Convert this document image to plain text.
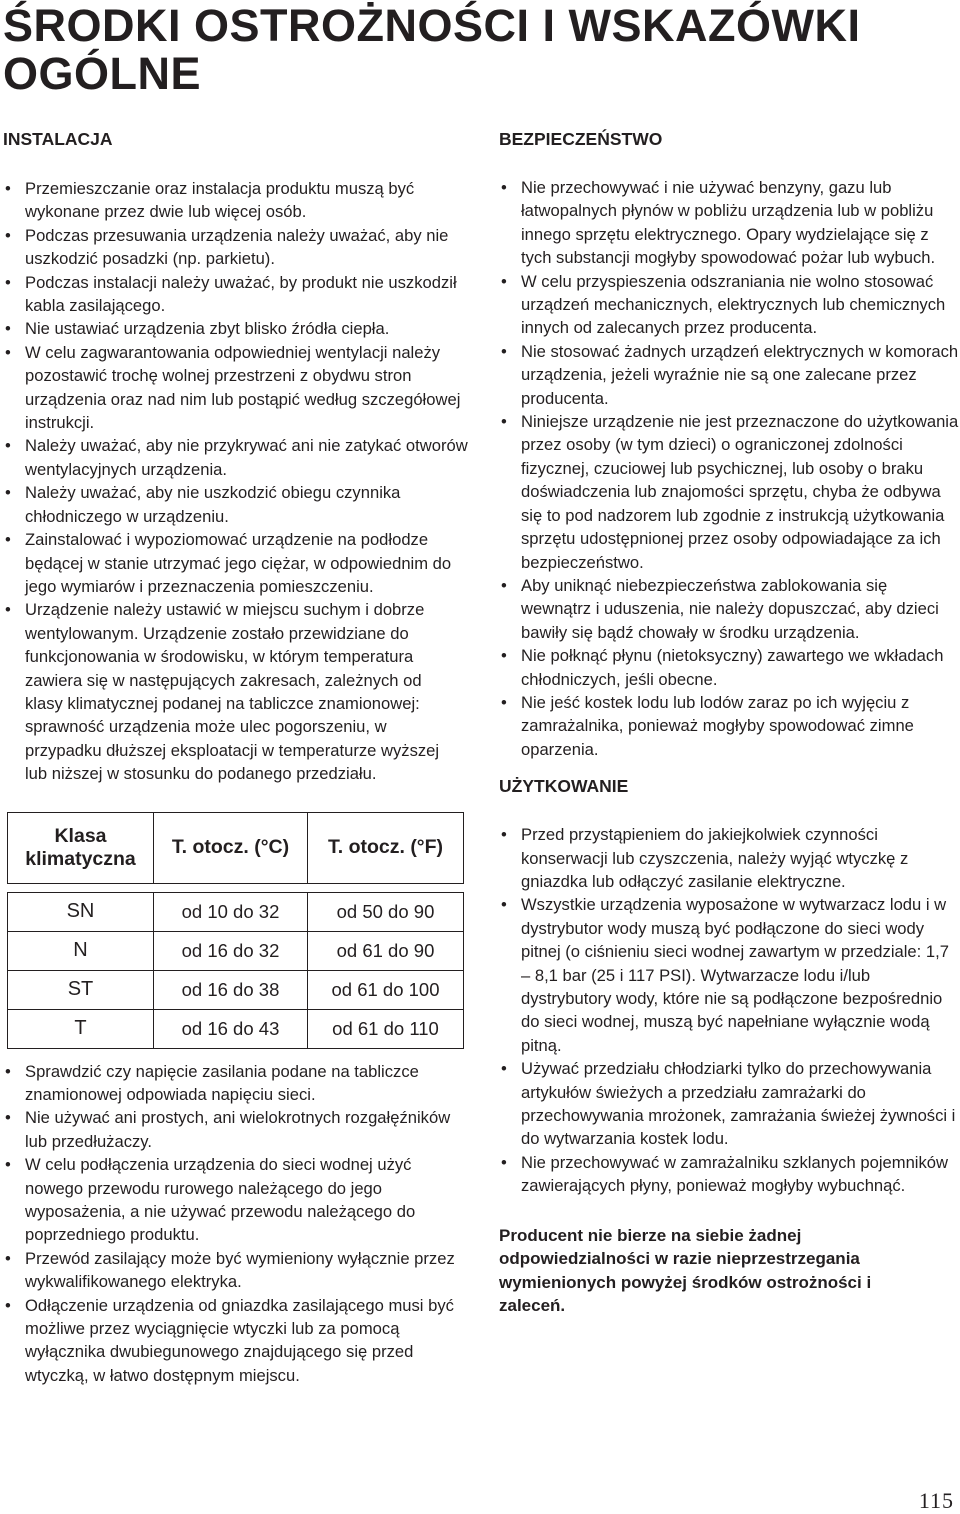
ŚRODKI OSTROŻNOŚCI I WSKAZÓWKI OGÓLNE
INSTALACJA
• Przemieszczanie oraz instalacja produktu muszą być wykonane przez dwie lub więcej osób.
• Podczas przesuwania urządzenia należy uważać, aby nie uszkodzić posadzki (np. parkietu).
• Podczas instalacji należy uważać, by produkt nie uszkodził kabla zasilającego.
• Nie ustawiać urządzenia zbyt blisko źródła ciepła.
• W celu zagwarantowania odpowiedniej wentylacji należy pozostawić trochę wolnej przestrzeni z obydwu stron urządzenia oraz nad nim lub postąpić według szczegółowej instrukcji.
• Należy uważać, aby nie przykrywać ani nie zatykać otworów wentylacyjnych urządzenia.
• Należy uważać, aby nie uszkodzić obiegu czynnika chłodniczego w urządzeniu.
• Zainstalować i wypoziomować urządzenie na podłodze będącej w stanie utrzymać jego ciężar, w odpowiednim do jego wymiarów i przeznaczenia pomieszczeniu.
• Urządzenie należy ustawić w miejscu suchym i dobrze wentylowanym. Urządzenie zostało przewidziane do funkcjonowania w środowisku, w którym temperatura zawiera się w następujących zakresach, zależnych od klasy klimatycznej podanej na tabliczce znamionowej: sprawność urządzenia może ulec pogorszeniu, w przypadku dłuższej eksploatacji w temperaturze wyższej lub niższej w stosunku do podanego przedziału.
Klasa klimatyczna	T. otocz. (°C)	T. otocz. (°F)

SN	od 10 do 32	od 50 do 90
N	od 16 do 32	od 61 do 90
ST	od 16 do 38	od 61 do 100
T	od 16 do 43	od 61 do 110
• Sprawdzić czy napięcie zasilania podane na tabliczce znamionowej odpowiada napięciu sieci.
• Nie używać ani prostych, ani wielokrotnych rozgałęźników lub przedłużaczy.
• W celu podłączenia urządzenia do sieci wodnej użyć nowego przewodu rurowego należącego do jego wyposażenia, a nie używać przewodu należącego do poprzedniego produktu.
• Przewód zasilający może być wymieniony wyłącznie przez wykwalifikowanego elektryka.
• Odłączenie urządzenia od gniazdka zasilającego musi być możliwe przez wyciągnięcie wtyczki lub za pomocą wyłącznika dwubiegunowego znajdującego się przed wtyczką, w łatwo dostępnym miejscu.
BEZPIECZEŃSTWO
• Nie przechowywać i nie używać benzyny, gazu lub łatwopalnych płynów w pobliżu urządzenia lub w pobliżu innego sprzętu elektrycznego. Opary wydzielające się z tych substancji mogłyby spowodować pożar lub wybuch.
• W celu przyspieszenia odszraniania nie wolno stosować urządzeń mechanicznych, elektrycznych lub chemicznych innych od zalecanych przez producenta.
• Nie stosować żadnych urządzeń elektrycznych w komorach urządzenia, jeżeli wyraźnie nie są one zalecane przez producenta.
• Niniejsze urządzenie nie jest przeznaczone do użytkowania przez osoby (w tym dzieci) o ograniczonej zdolności fizycznej, czuciowej lub psychicznej, lub osoby o braku doświadczenia lub znajomości sprzętu, chyba że odbywa się to pod nadzorem lub zgodnie z instrukcją użytkowania sprzętu udostępnionej przez osoby odpowiadające za ich bezpieczeństwo.
• Aby uniknąć niebezpieczeństwa zablokowania się wewnątrz i uduszenia, nie należy dopuszczać, aby dzieci bawiły się bądź chowały w środku urządzenia.
• Nie połknąć płynu (nietoksyczny) zawartego we wkładach chłodniczych, jeśli obecne.
• Nie jeść kostek lodu lub lodów zaraz po ich wyjęciu z zamrażalnika, ponieważ mogłyby spowodować zimne oparzenia.
UŻYTKOWANIE
• Przed przystąpieniem do jakiejkolwiek czynności konserwacji lub czyszczenia, należy wyjąć wtyczkę z gniazdka lub odłączyć zasilanie elektryczne.
• Wszystkie urządzenia wyposażone w wytwarzacz lodu i w dystrybutor wody muszą być podłączone do sieci wody pitnej (o ciśnieniu sieci wodnej zawartym w przedziale: 1,7 – 8,1 bar (25 i 117 PSI). Wytwarzacze lodu i/lub dystrybutory wody, które nie są podłączone bezpośrednio do sieci wodnej, muszą być napełniane wyłącznie wodą pitną.
• Używać przedziału chłodziarki tylko do przechowywania artykułów świeżych a przedziału zamrażarki do przechowywania mrożonek, zamrażania świeżej żywności i do wytwarzania kostek lodu.
• Nie przechowywać w zamrażalniku szklanych pojemników zawierających płyny, ponieważ mogłyby wybuchnąć.

Producent nie bierze na siebie żadnej odpowiedzialności w razie nieprzestrzegania wymienionych powyżej środków ostrożności i zaleceń.

115
